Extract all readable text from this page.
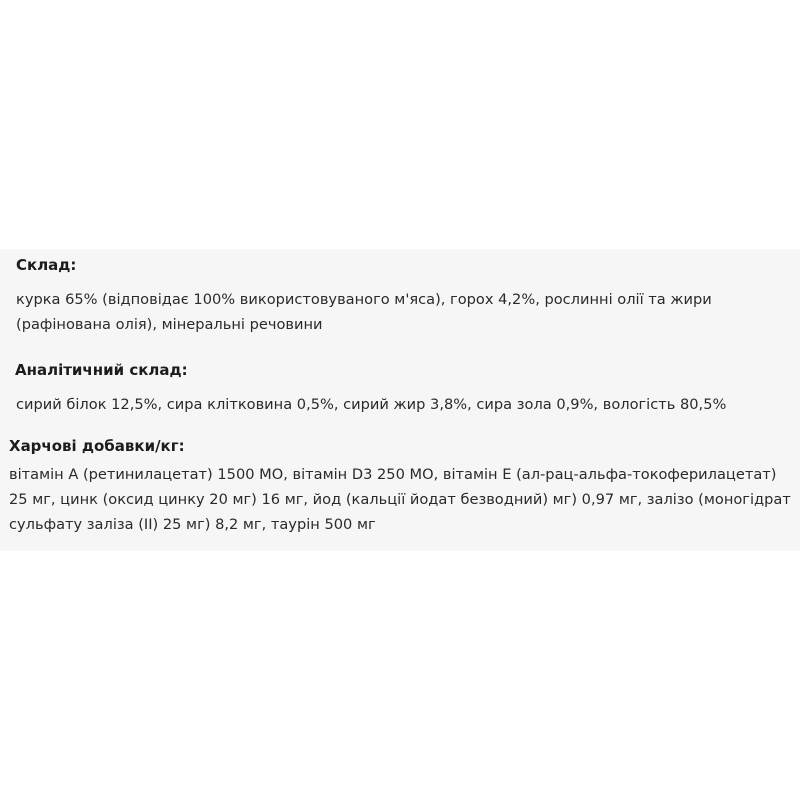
Склад:

курка 65% (відповідає 100% використовуваного м'яса), горох 4,2%, рослинні олії та жири
(рафінована олія), мінеральні речовини

Аналітичний склад:

сирий білок 12,5%, сира клітковина 0,5%, сирий жир 3,8%, сира зола 0,9%, вологість 80,5%

Харчові добавки/кг:

вітамін A (ретинилацетат) 1500 МО, вітамін D3 250 МО, вітамін E (ал-рац-альфа-токоферилацетат)
25 мг, цинк (оксид цинку 20 мг) 16 мг, йод (кальції йодат безводний) мг) 0,97 мг, залізо (моногідрат
сульфату заліза (II) 25 мг) 8,2 мг, таурін 500 мг
